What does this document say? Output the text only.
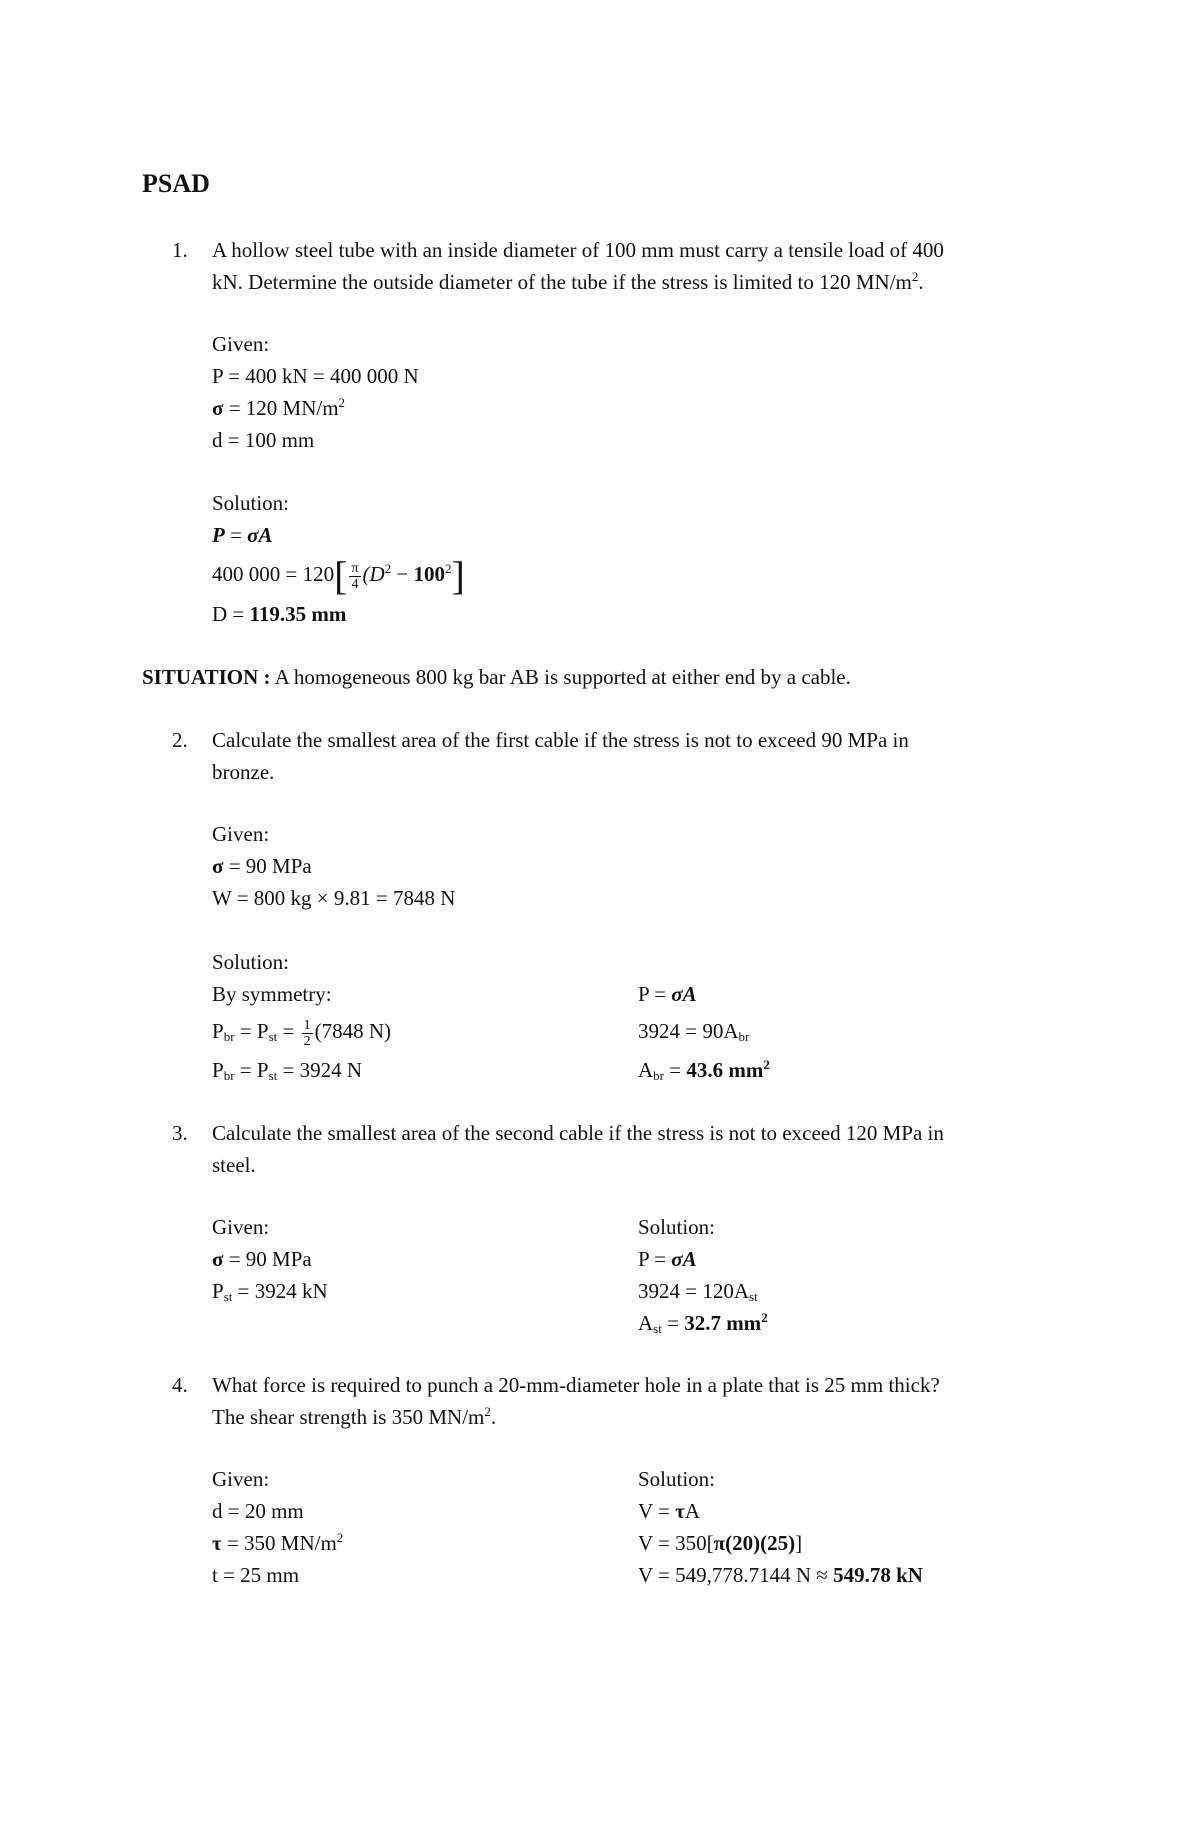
PSAD
1. A hollow steel tube with an inside diameter of 100 mm must carry a tensile load of 400
kN. Determine the outside diameter of the tube if the stress is limited to 120 $MN/m^2$.
Given:
P = 400 kN = 400 000 N
σ = 120 $MN/m^2$
d = 100 mm
Solution:
P = σA
400 $000 = 120[ \frac{\pi}{4} (D^2 - 100^2]$
D = 119.35 mm
SITUATION : A homogeneous 800 kg bar AB is supported at either end by a cable.
2. Calculate the smallest area of the first cable if the stress is not to exceed 90 MPa in
bronze.
Given:
σ = 90 MPa
W = 800 kg × 9.81 = 7848 N
Solution:
By symmetry:
$P_{br} = P_{st} = \frac{1}{2} (7848$ N)
$P_{br} = P_{st} = 3924$ N
P = σA
$3924 = 90A_{br}$
$A_{br} = 43.6$ $mm^2$
3. Calculate the smallest area of the second cable if the stress is not to exceed 120 MPa in
steel.
Given:
σ = 90 MPa
$P_{st} = 3924$ kN
Solution:
P = σA
$3924 = 120A_{st}$
$A_{st} = 32.7$ $mm^2$
4. What force is required to punch a 20-mm-diameter hole in a plate that is 25 mm thick?
The shear strength is 350 $MN/m^2$.
Given:
d = 20 mm
τ = 350 $MN/m^2$
t = 25 mm
Solution:
V = τA
V = 350[π(20)(25)]
V = 549,778.7144 N ≈ 549.78 kN
